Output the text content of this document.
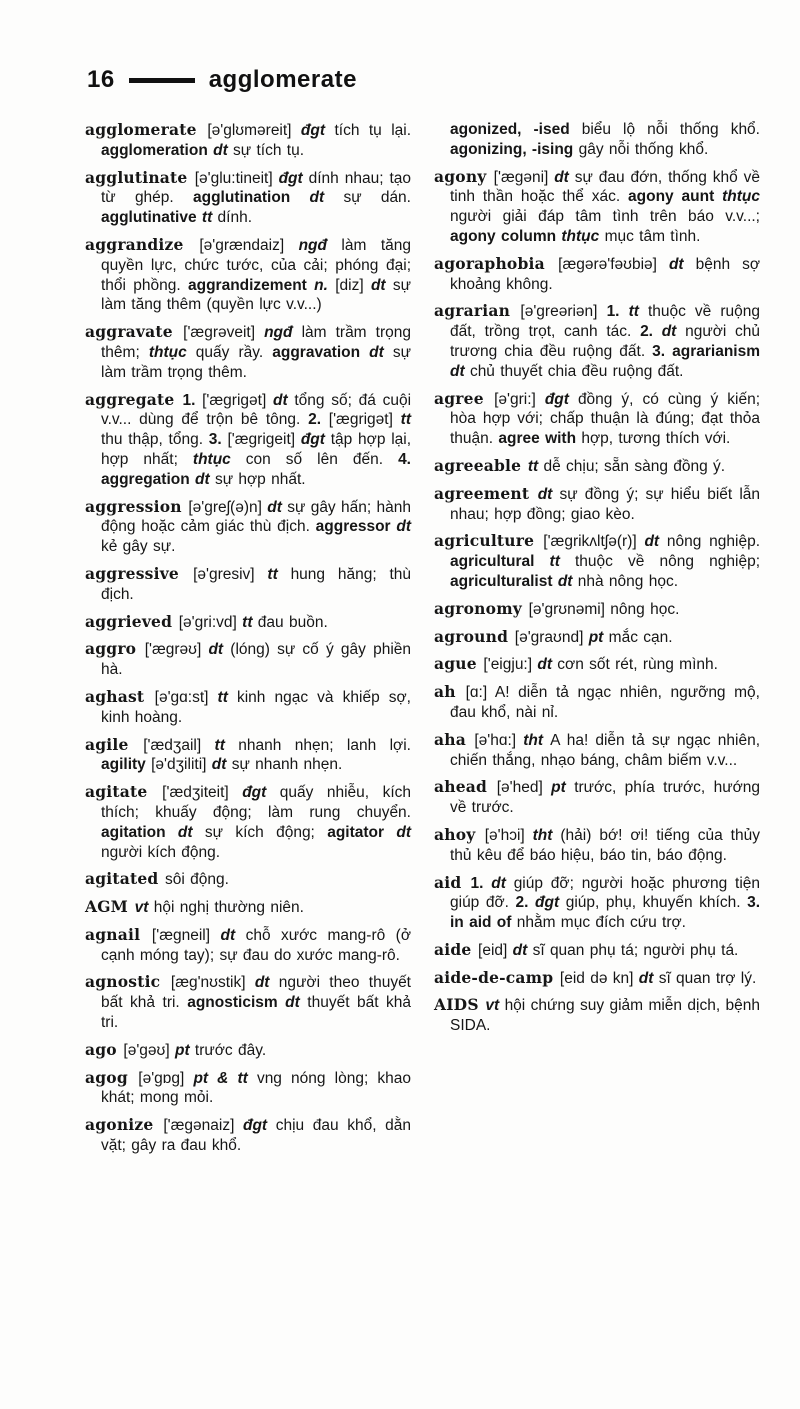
16	agglomerate

agglomerate [ə'glʊməreit] đgt tích tụ lại. agglomeration dt sự tích tụ.

agglutinate [ə'glu:tineit] đgt dính nhau; tạo từ ghép. agglutination dt sự dán. agglutinative tt dính.

aggrandize [ə'grændaiz] ngđ làm tăng quyền lực, chức tước, của cải; phóng đại; thổi phồng. aggrandizement n. [diz] dt sự làm tăng thêm (quyền lực v.v...)

aggravate ['ægrəveit] ngđ làm trầm trọng thêm; thtục quấy rầy. aggravation dt sự làm trầm trọng thêm.

aggregate 1. ['ægrigət] dt tổng số; đá cuội v.v... dùng để trộn bê tông. 2. ['ægrigət] tt thu thập, tổng. 3. ['ægrigeit] đgt tập hợp lại, hợp nhất; thtục con số lên đến. 4. aggregation dt sự hợp nhất.

aggression [ə'greʃ(ə)n] dt sự gây hấn; hành động hoặc cảm giác thù địch. aggressor dt kẻ gây sự.

aggressive [ə'gresiv] tt hung hăng; thù địch.

aggrieved [ə'gri:vd] tt đau buồn.

aggro ['ægrəʊ] dt (lóng) sự cố ý gây phiền hà.

aghast [ə'gɑ:st] tt kinh ngạc và khiếp sợ, kinh hoàng.

agile ['ædʒail] tt nhanh nhẹn; lanh lợi. agility [ə'dʒiliti] dt sự nhanh nhẹn.

agitate ['ædʒiteit] đgt quấy nhiễu, kích thích; khuấy động; làm rung chuyển. agitation dt sự kích động; agitator dt người kích động.

agitated sôi động.

AGM vt hội nghị thường niên.

agnail ['ægneil] dt chỗ xước mang-rô (ở cạnh móng tay); sự đau do xước mang-rô.

agnostic [æg'nʊstik] dt người theo thuyết bất khả tri. agnosticism dt thuyết bất khả tri.

ago [ə'gəʊ] pt trước đây.

agog [ə'gɒg] pt & tt vng nóng lòng; khao khát; mong mỏi.

agonize ['ægənaiz] đgt chịu đau khổ, dằn vặt; gây ra đau khổ.

agonized, -ised biểu lộ nỗi thống khổ. agonizing, -ising gây nỗi thống khổ.

agony ['ægəni] dt sự đau đớn, thống khổ về tinh thần hoặc thể xác. agony aunt thtục người giải đáp tâm tình trên báo v.v...; agony column thtục mục tâm tình.

agoraphobia [ægərə'fəʊbiə] dt bệnh sợ khoảng không.

agrarian [ə'greəriən] 1. tt thuộc về ruộng đất, trồng trọt, canh tác. 2. dt người chủ trương chia đều ruộng đất. 3. agrarianism dt chủ thuyết chia đều ruộng đất.

agree [ə'gri:] đgt đồng ý, có cùng ý kiến; hòa hợp với; chấp thuận là đúng; đạt thỏa thuận. agree with hợp, tương thích với.

agreeable tt dễ chịu; sẵn sàng đồng ý.

agreement dt sự đồng ý; sự hiểu biết lẫn nhau; hợp đồng; giao kèo.

agriculture ['ægrikʌltʃə(r)] dt nông nghiệp. agricultural tt thuộc về nông nghiệp; agriculturalist dt nhà nông học.

agronomy [ə'grʊnəmi] nông học.

aground [ə'graʊnd] pt mắc cạn.

ague ['eigju:] dt cơn sốt rét, rùng mình.

ah [ɑ:] A! diễn tả ngạc nhiên, ngưỡng mộ, đau khổ, nài nỉ.

aha [ə'hɑ:] tht A ha! diễn tả sự ngạc nhiên, chiến thắng, nhạo báng, châm biếm v.v...

ahead [ə'hed] pt trước, phía trước, hướng về trước.

ahoy [ə'hɔi] tht (hải) bớ! ơi! tiếng của thủy thủ kêu để báo hiệu, báo tin, báo động.

aid 1. dt giúp đỡ; người hoặc phương tiện giúp đỡ. 2. đgt giúp, phụ, khuyến khích. 3. in aid of nhằm mục đích cứu trợ.

aide [eid] dt sĩ quan phụ tá; người phụ tá.

aide-de-camp [eid də kn] dt sĩ quan trợ lý.

AIDS vt hội chứng suy giảm miễn dịch, bệnh SIDA.
